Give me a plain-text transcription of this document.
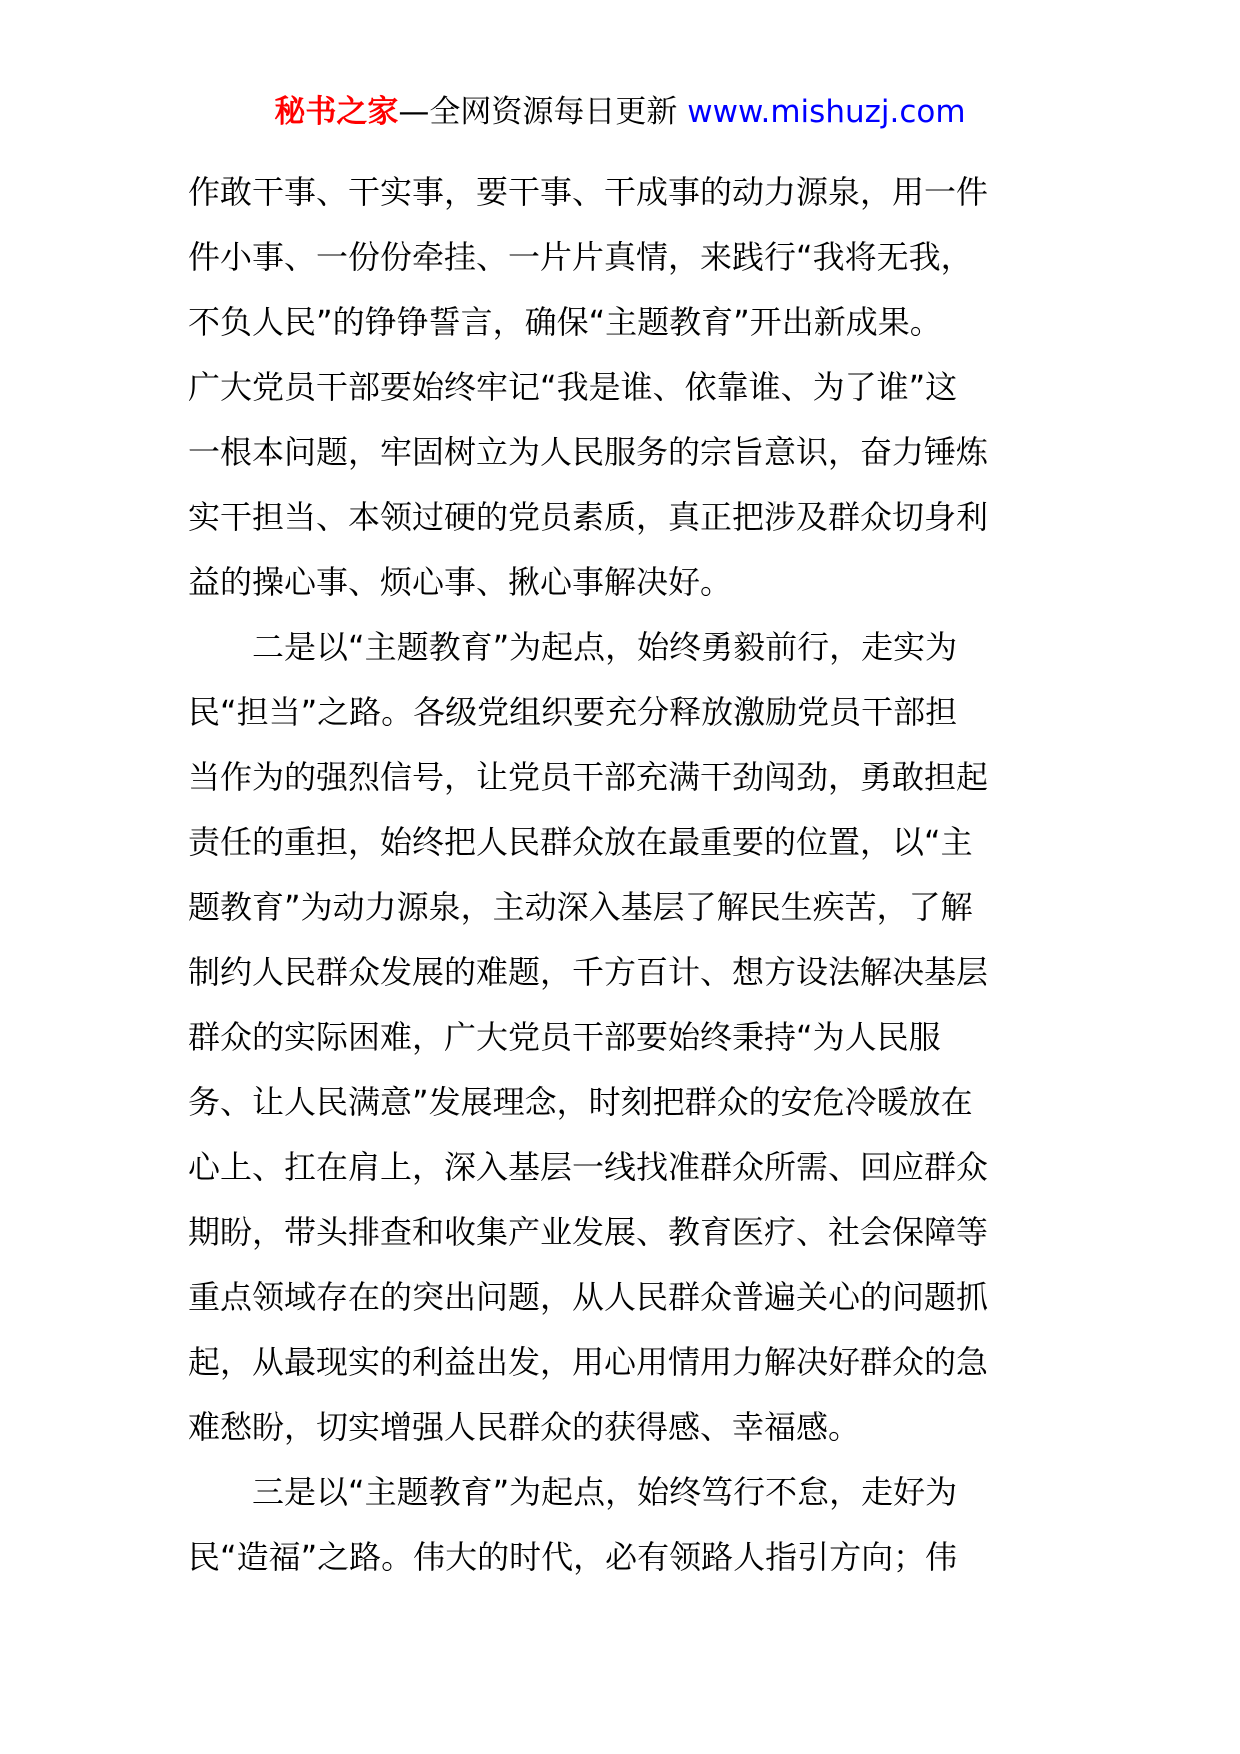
秘书之家—全网资源每日更新 www.mishuzj.com
作敢干事、干实事，要干事、干成事的动力源泉，用一件
件小事、一份份牵挂、一片片真情，来践行“我将无我，
不负人民”的铮铮誓言，确保“主题教育”开出新成果。
广大党员干部要始终牢记“我是谁、依靠谁、为了谁”这
一根本问题，牢固树立为人民服务的宗旨意识，奋力锤炼
实干担当、本领过硬的党员素质，真正把涉及群众切身利
益的操心事、烦心事、揪心事解决好。
二是以“主题教育”为起点，始终勇毅前行，走实为
民“担当”之路。各级党组织要充分释放激励党员干部担
当作为的强烈信号，让党员干部充满干劲闯劲，勇敢担起
责任的重担，始终把人民群众放在最重要的位置，以“主
题教育”为动力源泉，主动深入基层了解民生疾苦，了解
制约人民群众发展的难题，千方百计、想方设法解决基层
群众的实际困难，广大党员干部要始终秉持“为人民服
务、让人民满意”发展理念，时刻把群众的安危冷暖放在
心上、扛在肩上，深入基层一线找准群众所需、回应群众
期盼，带头排查和收集产业发展、教育医疗、社会保障等
重点领域存在的突出问题，从人民群众普遍关心的问题抓
起，从最现实的利益出发，用心用情用力解决好群众的急
难愁盼，切实增强人民群众的获得感、幸福感。
三是以“主题教育”为起点，始终笃行不怠，走好为
民“造福”之路。伟大的时代，必有领路人指引方向；伟
